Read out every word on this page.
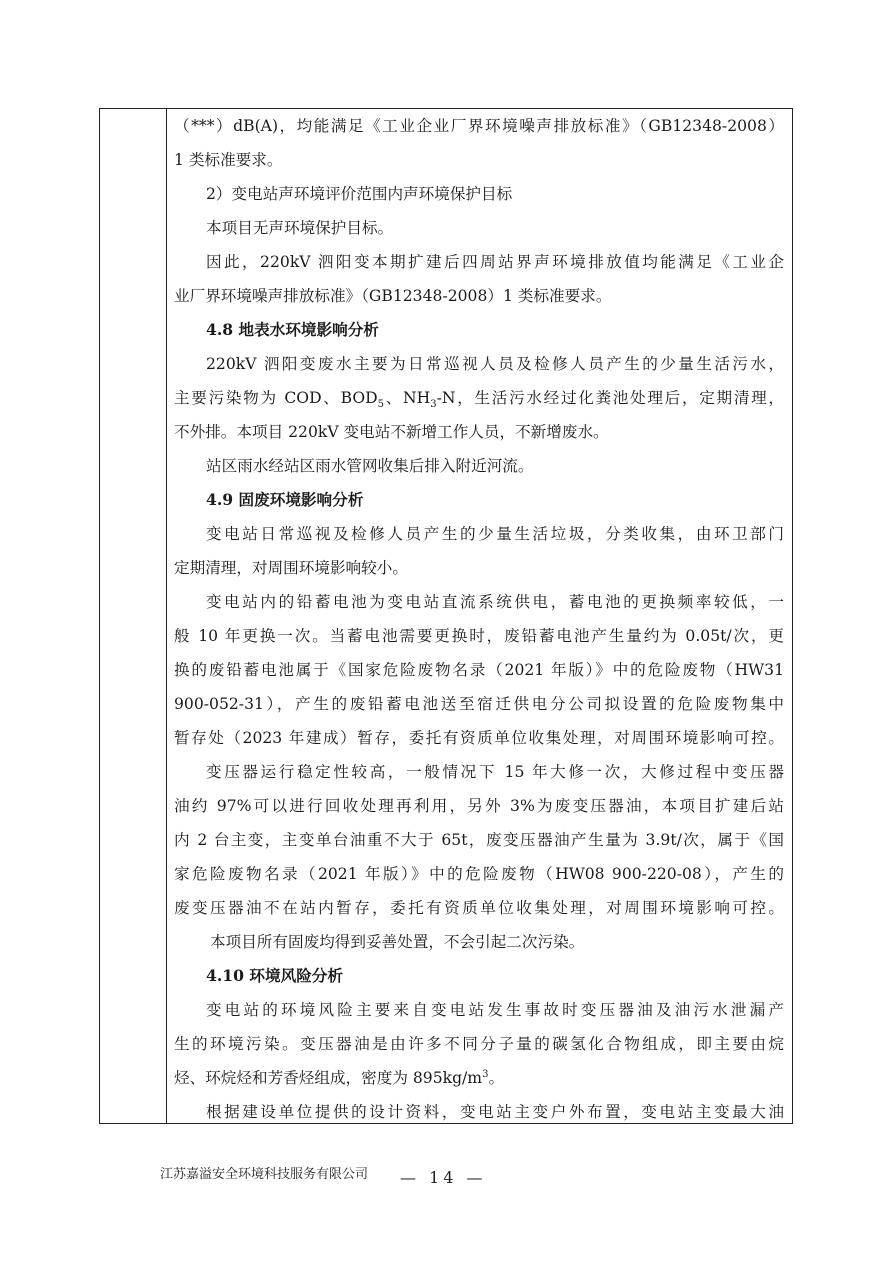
（***）dB(A)，均能满足《工业企业厂界环境噪声排放标准》（GB12348-2008）
1 类标准要求。
2）变电站声环境评价范围内声环境保护目标
本项目无声环境保护目标。
因此，220kV 泗阳变本期扩建后四周站界声环境排放值均能满足《工业企
业厂界环境噪声排放标准》（GB12348-2008）1 类标准要求。
4.8 地表水环境影响分析
220kV 泗阳变废水主要为日常巡视人员及检修人员产生的少量生活污水，
主要污染物为 COD、$BOD_5$、$NH_3-N$，生活污水经过化粪池处理后，定期清理，
不外排。本项目 220kV 变电站不新增工作人员，不新增废水。
站区雨水经站区雨水管网收集后排入附近河流。
4.9 固废环境影响分析
变电站日常巡视及检修人员产生的少量生活垃圾，分类收集，由环卫部门
定期清理，对周围环境影响较小。
变电站内的铅蓄电池为变电站直流系统供电，蓄电池的更换频率较低，一
般 10 年更换一次。当蓄电池需要更换时，废铅蓄电池产生量约为 0.05t/次，更
换的废铅蓄电池属于《国家危险废物名录（2021 年版）》中的危险废物（HW31
900-052-31），产生的废铅蓄电池送至宿迁供电分公司拟设置的危险废物集中
暂存处（2023 年建成）暂存，委托有资质单位收集处理，对周围环境影响可控。
变压器运行稳定性较高，一般情况下 15 年大修一次，大修过程中变压器
油约 97%可以进行回收处理再利用，另外 3%为废变压器油，本项目扩建后站
内 2 台主变，主变单台油重不大于 65t，废变压器油产生量为 3.9t/次，属于《国
家危险废物名录（2021 年版）》中的危险废物（HW08 900-220-08），产生的
废变压器油不在站内暂存，委托有资质单位收集处理，对周围环境影响可控。
本项目所有固废均得到妥善处置，不会引起二次污染。
4.10 环境风险分析
变电站的环境风险主要来自变电站发生事故时变压器油及油污水泄漏产
生的环境污染。变压器油是由许多不同分子量的碳氢化合物组成，即主要由烷
烃、环烷烃和芳香烃组成，密度为 $895kg/m^3$。
根据建设单位提供的设计资料，变电站主变户外布置，变电站主变最大油
江苏嘉溢安全环境科技服务有限公司 — 14 —
